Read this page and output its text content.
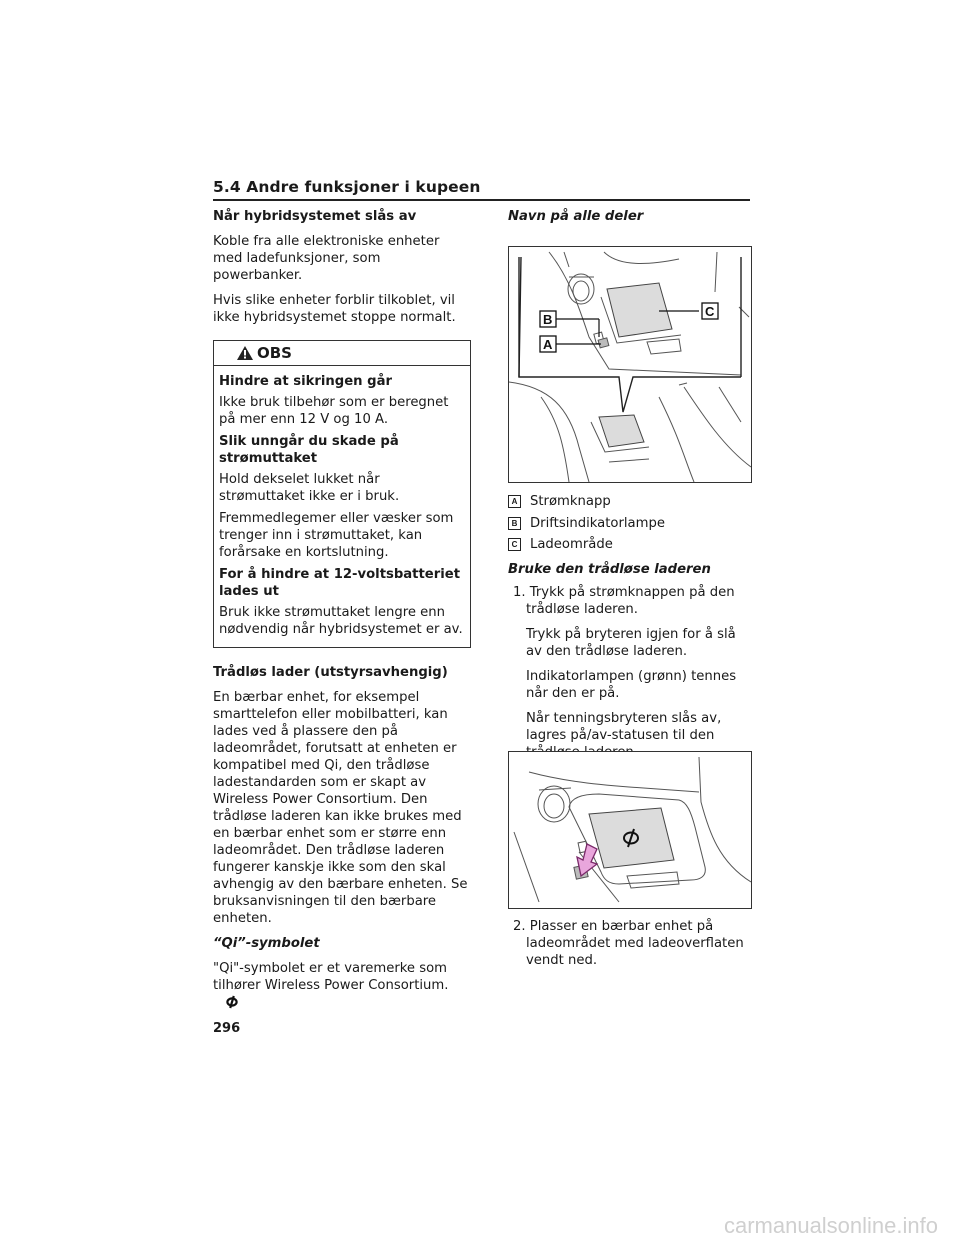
5.4 Andre funksjoner i kupeen
Når hybridsystemet slås av

Koble fra alle elektroniske enheter med ladefunksjoner, som powerbanker.

Hvis slike enheter forblir tilkoblet, vil ikke hybridsystemet stoppe normalt.

OBS
Hindre at sikringen går

Ikke bruk tilbehør som er beregnet på mer enn 12 V og 10 A.

Slik unngår du skade på strømuttaket

Hold dekselet lukket når strømuttaket ikke er i bruk.

Fremmedlegemer eller væsker som trenger inn i strømuttaket, kan forårsake en kortslutning.

For å hindre at 12-voltsbatteriet lades ut

Bruk ikke strømuttaket lengre enn nødvendig når hybridsystemet er av.

Trådløs lader (utstyrsavhengig)

En bærbar enhet, for eksempel smarttelefon eller mobilbatteri, kan lades ved å plassere den på ladeområdet, forutsatt at enheten er kompatibel med Qi, den trådløse ladestandarden som er skapt av Wireless Power Consortium. Den trådløse laderen kan ikke brukes med en bærbar enhet som er større enn ladeområdet. Den trådløse laderen fungerer kanskje ikke som den skal avhengig av den bærbare enheten. Se bruksanvisningen til den bærbare enheten.

“Qi”-symbolet

"Qi"-symbolet er et varemerke som tilhører Wireless Power Consortium.

Navn på alle deler
B
A
C
A Strømknapp
B Driftsindikatorlampe
C Ladeområde
Bruke den trådløse laderen

1. Trykk på strømknappen på den trådløse laderen.

Trykk på bryteren igjen for å slå av den trådløse laderen.

Indikatorlampen (grønn) tennes når den er på.

Når tenningsbryteren slås av, lagres på/av-statusen til den

2. Plasser en bærbar enhet på ladeområdet med ladeoverflaten vendt ned.

296
carmanualsonline.info
